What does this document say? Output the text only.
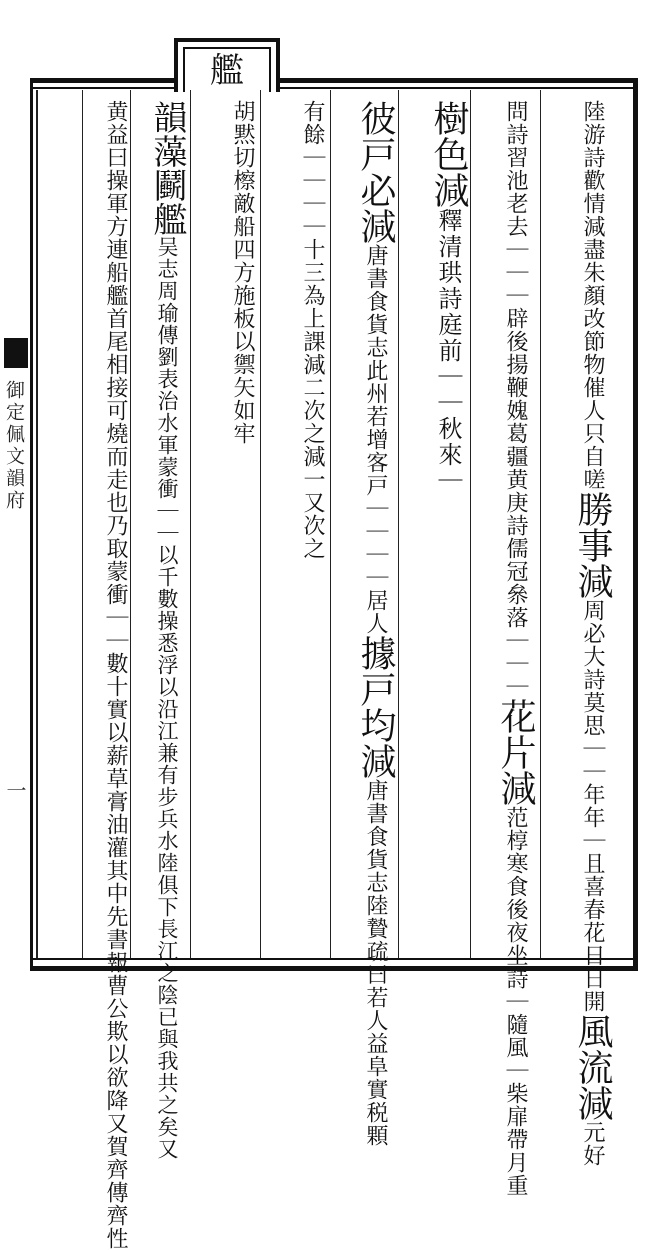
艦
陸游詩歡情減盡朱顏改節物催人只自嗟勝事減周必大詩莫思｜｜年年｜且喜春花日日開風流減元好
問詩習池老去｜｜｜辟後揚鞭媿葛疆黄庚詩儒冠㕘落｜｜｜花片減范椁寒食後夜坐詩｜隨風｜柴扉帶月重
樹色減釋清珙詩庭前｜｜秋來｜
彼戸必減唐書食貨志此州若增客戸｜｜｜｜居人據戸均減唐書食貨志陸贄疏曰若人益阜實税顆
有餘｜｜｜｜十三為上課減二次之減一又次之
胡黙切檫敵船四方施板以禦矢如牢
韻藻鬬艦吴志周瑜傳劉表治水軍蒙衝｜｜以千數操悉浮以沿江兼有步兵水陸俱下長江之陰已與我共之矣又
黄益曰操軍方連船艦首尾相接可燒而走也乃取蒙衝｜｜數十實以薪草膏油灌其中先書報曹公欺以欲降又賀齊傳齊性
御定佩文韻府
一
